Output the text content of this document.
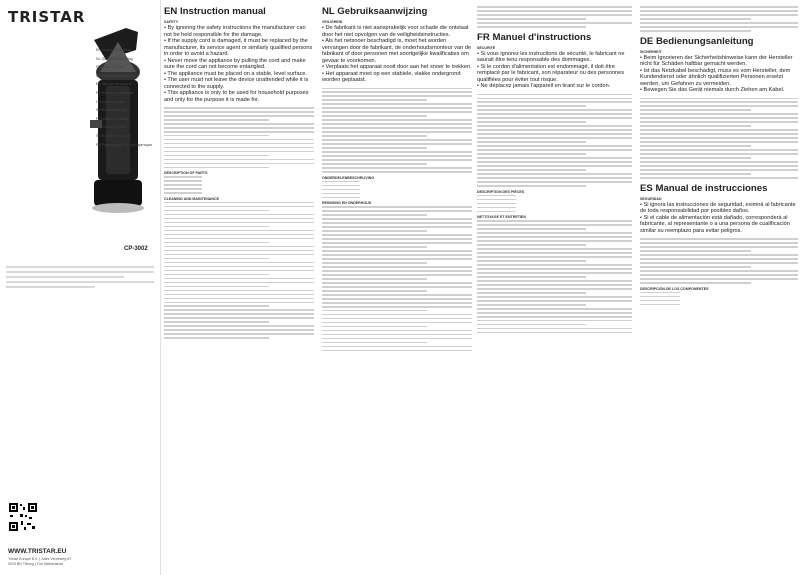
TRISTAR
EN Instruction manual
NL Gebruiksaanwijzing
FR Mode d'emploi
DE Bedienungsanleitung
ES Manual de usuario
PT Manual de utilizador
IT Manuale utente
SV Bruksanvisning
PL Instrukcja obsługi
CS Návod k použití
SK Návod na použitie
RU Руководство по эксплуатации
CP-3002
WWW.TRISTAR.EU
Tristar Europe B.V. | Jules Verneweg 87
5015 BH Tilburg | The Netherlands
EN Instruction manual
SAFETY

• By ignoring the safety instructions the manufacturer can not be held responsible for the damage.

• If the supply cord is damaged, it must be replaced by the manufacturer, its service agent or similarly qualified persons in order to avoid a hazard.

• Never move the appliance by pulling the cord and make sure the cord can not become entangled.

• The appliance must be placed on a stable, level surface.

• The user must not leave the device unattended while it is connected to the supply.

• This appliance is only to be used for household purposes and only for the purpose it is made for.

DESCRIPTION OF PARTS
CLEANING AND MAINTENANCE
NL Gebruiksaanwijzing
VEILIGHEID

• De fabrikant is niet aansprakelijk voor schade die ontstaat door het niet opvolgen van de veiligheidsinstructies.

• Als het netsnoer beschadigd is, moet het worden vervangen door de fabrikant, de onderhoudsmonteur van de fabrikant of door personen met soortgelijke kwalificaties om gevaar te voorkomen.

• Verplaats het apparaat nooit door aan het snoer te trekken.

• Het apparaat moet op een stabiele, vlakke ondergrond worden geplaatst.

ONDERDELENBESCHRIJVING
REINIGING EN ONDERHOUD
FR Manuel d'instructions
SÉCURITÉ

• Si vous ignorez les instructions de sécurité, le fabricant ne saurait être tenu responsable des dommages.

• Si le cordon d'alimentation est endommagé, il doit être remplacé par le fabricant, son réparateur ou des personnes qualifiées pour éviter tout risque.

• Ne déplacez jamais l'appareil en tirant sur le cordon.

DESCRIPTION DES PIÈCES
NETTOYAGE ET ENTRETIEN
DE Bedienungsanleitung
SICHERHEIT

• Beim Ignorieren der Sicherheitshinweise kann der Hersteller nicht für Schäden haftbar gemacht werden.

• Ist das Netzkabel beschädigt, muss es vom Hersteller, dem Kundendienst oder ähnlich qualifizierten Personen ersetzt werden, um Gefahren zu vermeiden.

• Bewegen Sie das Gerät niemals durch Ziehen am Kabel.

ES Manual de instrucciones
SEGURIDAD

• Si ignora las instrucciones de seguridad, eximirá al fabricante de toda responsabilidad por posibles daños.

• Si el cable de alimentación está dañado, corresponderá al fabricante, al representante o a una persona de cualificación similar su reemplazo para evitar peligros.

DESCRIPCIÓN DE LOS COMPONENTES
